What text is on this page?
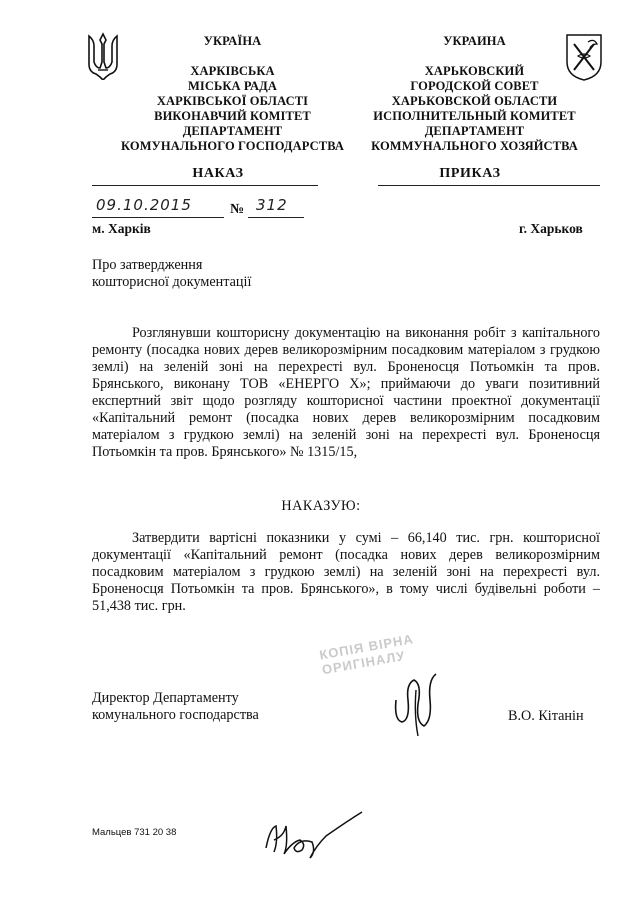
УКРАЇНА
ХАРКІВСЬКА
МІСЬКА РАДА
ХАРКІВСЬКОЇ ОБЛАСТІ
ВИКОНАВЧИЙ КОМІТЕТ
ДЕПАРТАМЕНТ
КОМУНАЛЬНОГО ГОСПОДАРСТВА
УКРАИНА
ХАРЬКОВСКИЙ
ГОРОДСКОЙ СОВЕТ
ХАРЬКОВСКОЙ ОБЛАСТИ
ИСПОЛНИТЕЛЬНЫЙ КОМИТЕТ
ДЕПАРТАМЕНТ
КОММУНАЛЬНОГО ХОЗЯЙСТВА
НАКАЗ	ПРИКАЗ
09.10.2015	№ 312
м. Харків	г. Харьков
Про затвердження
кошторисної документації
Розглянувши кошторисну документацію на виконання робіт з капітального ремонту (посадка нових дерев великорозмірним посадковим матеріалом з грудкою землі) на зеленій зоні на перехресті вул. Броненосця Потьомкін та пров. Брянського, виконану ТОВ «ЕНЕРГО Х»; приймаючи до уваги позитивний експертний звіт щодо розгляду кошторисної частини проектної документації «Капітальний ремонт (посадка нових дерев великорозмірним посадковим матеріалом з грудкою землі) на зеленій зоні на перехресті вул. Броненосця Потьомкін та пров. Брянського» № 1315/15,
НАКАЗУЮ:
Затвердити вартісні показники у сумі – 66,140 тис. грн. кошторисної документації «Капітальний ремонт (посадка нових дерев великорозмірним посадковим матеріалом з грудкою землі) на зеленій зоні на перехресті вул. Броненосця Потьомкін та пров. Брянського», в тому числі будівельні роботи – 51,438 тис. грн.
КОПІЯ ВІРНА ОРИГІНАЛУ
Директор Департаменту
комунального господарства	В.О. Кітанін
Мальцев 731 20 38
